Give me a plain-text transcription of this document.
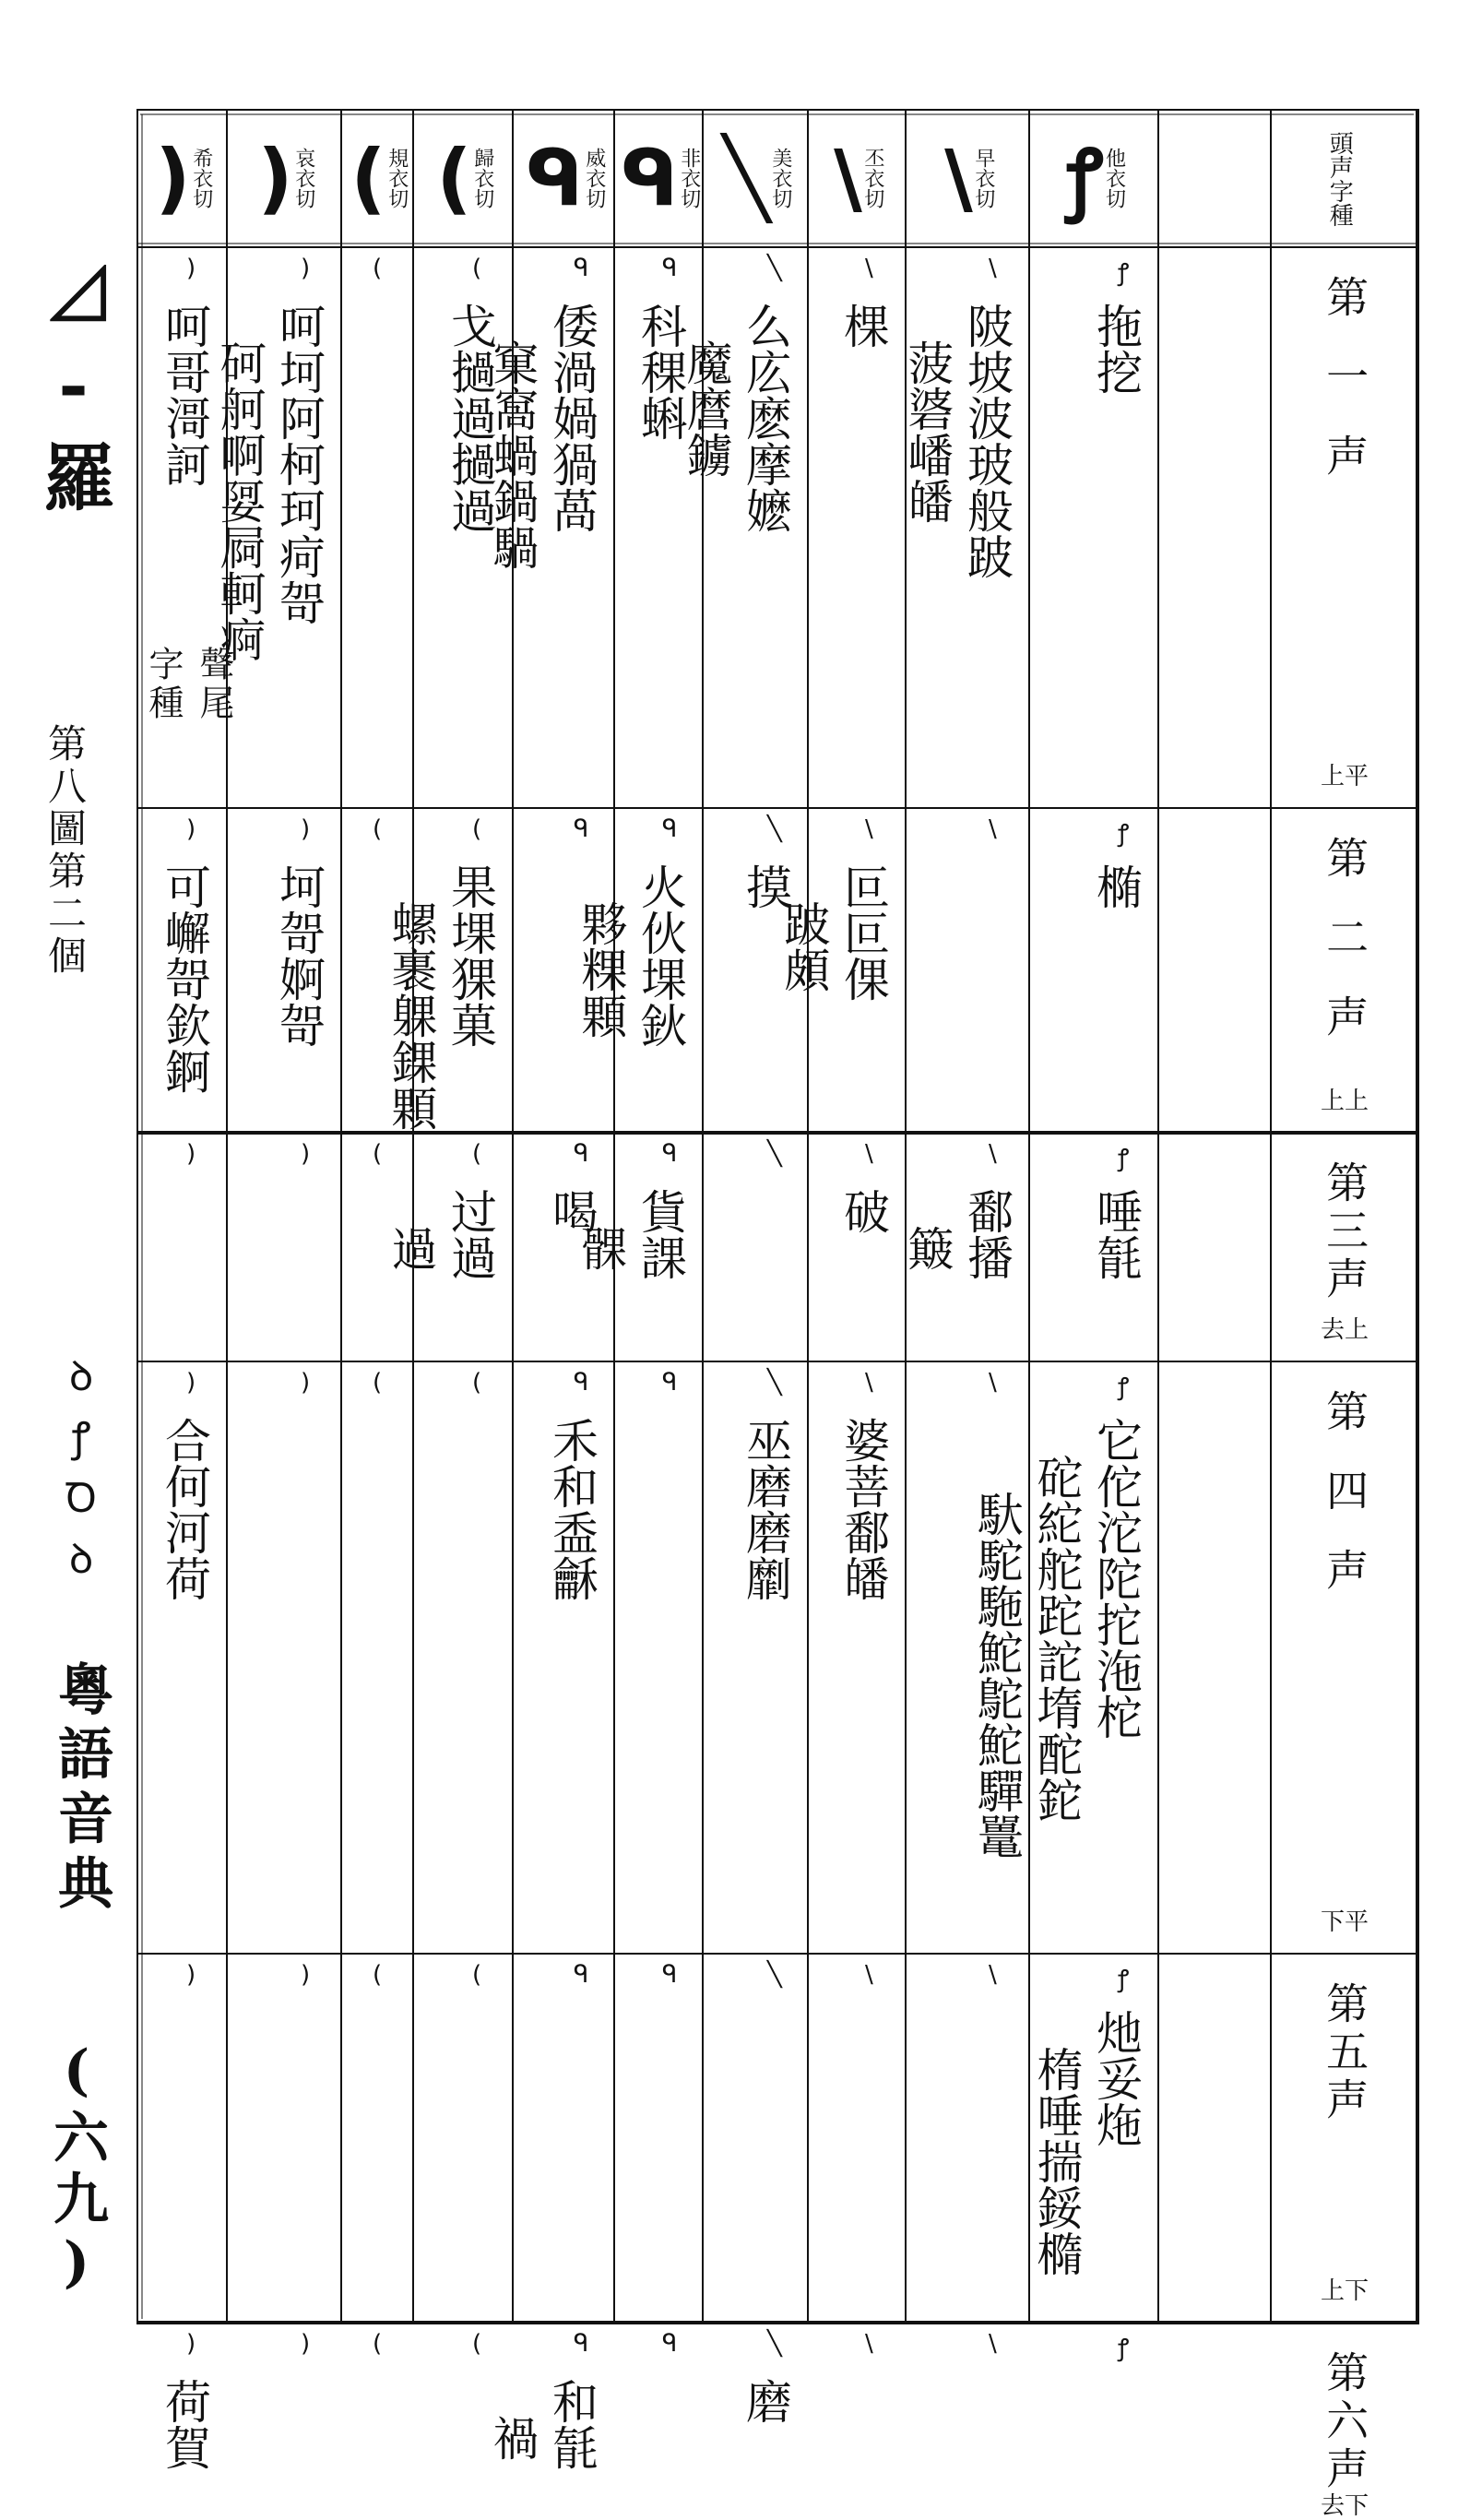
⊿-羅
聲尾
字種
第八圖第二個
ꝺꝭꝹꝺ
粵語音典
(六九)
他衣切
ꝭ
早衣切
\
丕衣切
\
美衣切
╲
非衣切
ᑫ
威衣切
ᑫ
歸衣切
(
規衣切
(
哀衣切
)
希衣切
)	頭声字種
第一声
上平
第二声
上上
第三声
去上
第四声
下平
第五声
上下
第六声
去下
ꝭ
拖挖
\
陂坡波玻般跛
菠碆嶓皤
\
棵
╲
么庅麽摩嬷
魔麿鐪
ᑫ
科稞蝌
ᑫ
倭渦媧猧萵
窠窩蝸鍋騧
(
戈撾過撾過
(
)
呵坷阿柯珂疴哿
砢舸啊娿屙軻痾
)
呵哥滒訶
ꝭ
椭
\
\
叵叵倮
跛頗
╲
摸
ᑫ
火伙堁鈥
夥粿顆
ᑫ
(
果堁猓菓
螺裹躶錁顆
(
)
坷哿婀哿
)
可嶰哿欽錒
ꝭ
唾毻
\
鄱播
簸
\
破
╲
ᑫ
貨課
髁
ᑫ
喝
(
过過
過
(
)
)
ꝭ
它佗沱陀拕沲柁
砣紽舵跎詑堶酡鉈
馱駝駞鮀鴕鮀驒鼍
\
\
婆菩鄱皤
╲
巫磨磨劘
ᑫ
ᑫ
禾和盉龢
(
(
)
)
合何河荷
ꝭ
灺妥炧
楕唾揣鋖橢
\
\
╲
ᑫ
ᑫ
(
(
)
)
ꝭ
\
\
╲
磨
ᑫ
ᑫ
和毻
禍
(
(
)
)
荷賀
